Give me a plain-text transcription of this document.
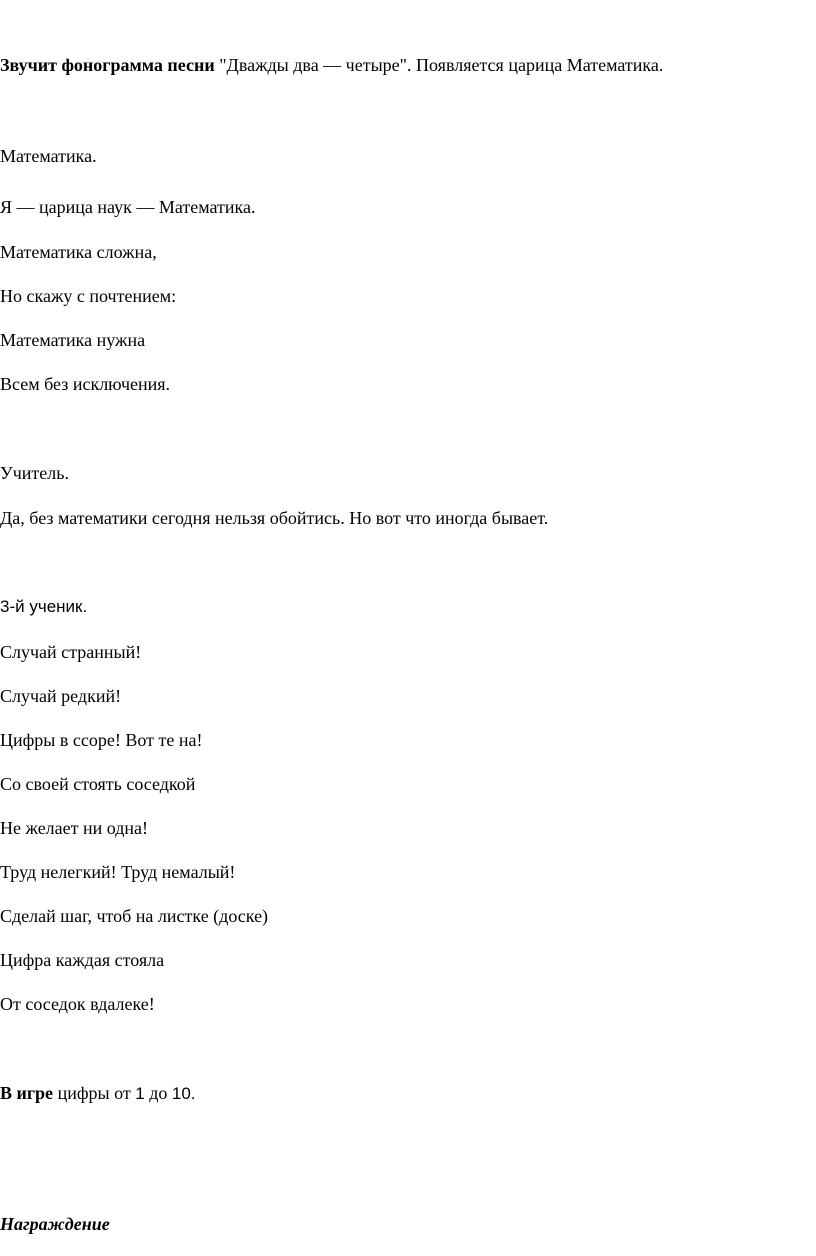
Звучит фонограмма песни "Дважды два — четыре". Появляется царица Математика.

Математика.

Я — царица наук — Математика.

Математика сложна,

Но скажу с почтением:

Математика нужна

Всем без исключения.

Учитель.

Да, без математики сегодня нельзя обойтись. Но вот что иногда бывает.

3-й ученик.

Случай странный!

Случай редкий!

Цифры в ссоре! Вот те на!

Со своей стоять соседкой

Не желает ни одна!

Труд нелегкий! Труд немалый!

Сделай шаг, чтоб на листке (доске)

Цифра каждая стояла

От соседок вдалеке!

В игре цифры от 1 до 10.

Награждение
